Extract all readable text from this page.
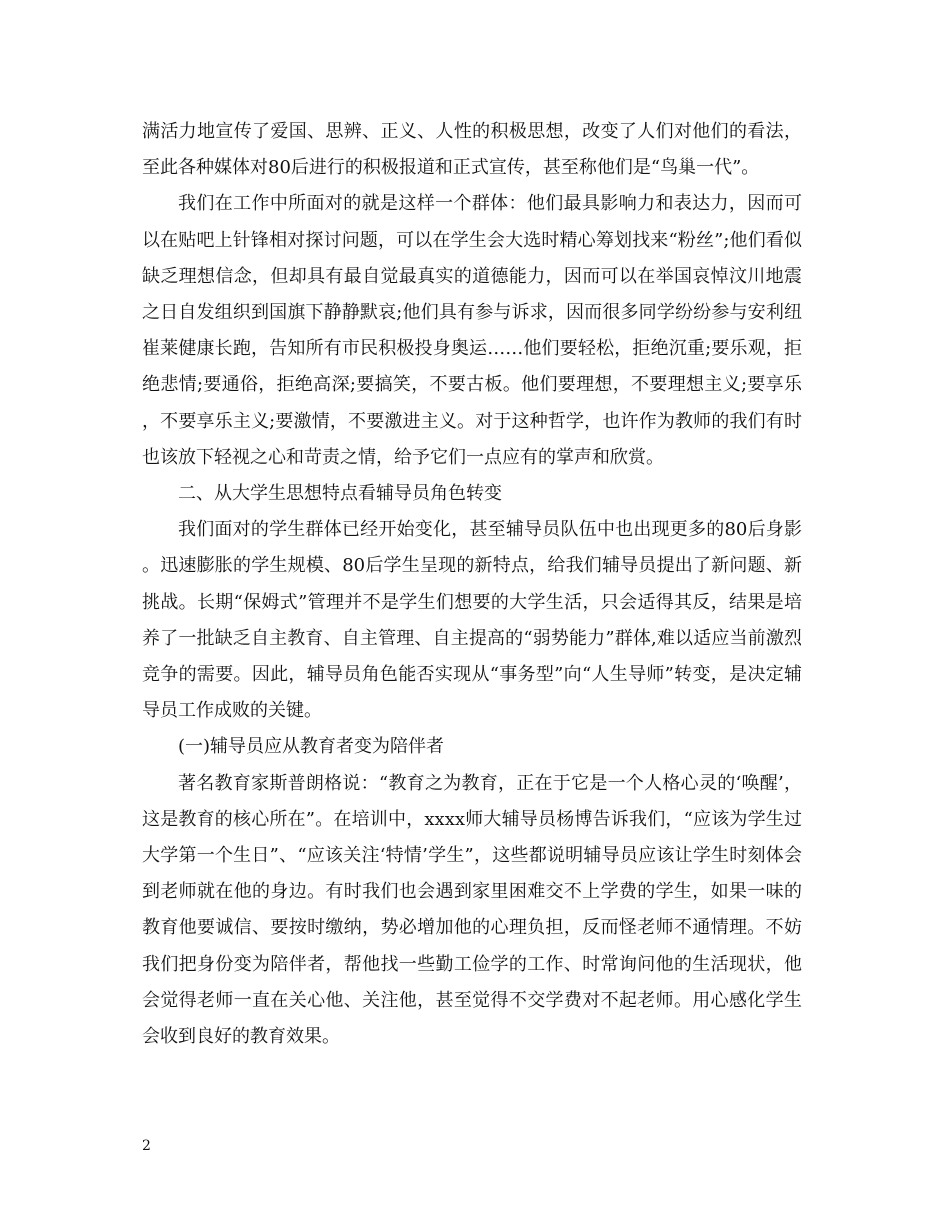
满活力地宣传了爱国、思辨、正义、人性的积极思想，改变了人们对他们的看法，至此各种媒体对80后进行的积极报道和正式宣传，甚至称他们是“鸟巢一代”。

我们在工作中所面对的就是这样一个群体：他们最具影响力和表达力，因而可以在贴吧上针锋相对探讨问题，可以在学生会大选时精心筹划找来“粉丝”;他们看似缺乏理想信念，但却具有最自觉最真实的道德能力，因而可以在举国哀悼汶川地震之日自发组织到国旗下静静默哀;他们具有参与诉求，因而很多同学纷纷参与安利纽崔莱健康长跑，告知所有市民积极投身奥运……他们要轻松，拒绝沉重;要乐观，拒绝悲情;要通俗，拒绝高深;要搞笑，不要古板。他们要理想，不要理想主义;要享乐，不要享乐主义;要激情，不要激进主义。对于这种哲学，也许作为教师的我们有时也该放下轻视之心和苛责之情，给予它们一点应有的掌声和欣赏。

二、从大学生思想特点看辅导员角色转变

我们面对的学生群体已经开始变化，甚至辅导员队伍中也出现更多的80后身影。迅速膨胀的学生规模、80后学生呈现的新特点，给我们辅导员提出了新问题、新挑战。长期“保姆式”管理并不是学生们想要的大学生活，只会适得其反，结果是培养了一批缺乏自主教育、自主管理、自主提高的“弱势能力”群体,难以适应当前激烈竞争的需要。因此，辅导员角色能否实现从“事务型”向“人生导师”转变，是决定辅导员工作成败的关键。

(一)辅导员应从教育者变为陪伴者

著名教育家斯普朗格说：“教育之为教育，正在于它是一个人格心灵的‘唤醒’，这是教育的核心所在”。在培训中，xxxx师大辅导员杨博告诉我们，“应该为学生过大学第一个生日”、“应该关注‘特情’学生”，这些都说明辅导员应该让学生时刻体会到老师就在他的身边。有时我们也会遇到家里困难交不上学费的学生，如果一味的教育他要诚信、要按时缴纳，势必增加他的心理负担，反而怪老师不通情理。不妨我们把身份变为陪伴者，帮他找一些勤工俭学的工作、时常询问他的生活现状，他会觉得老师一直在关心他、关注他，甚至觉得不交学费对不起老师。用心感化学生会收到良好的教育效果。

2
